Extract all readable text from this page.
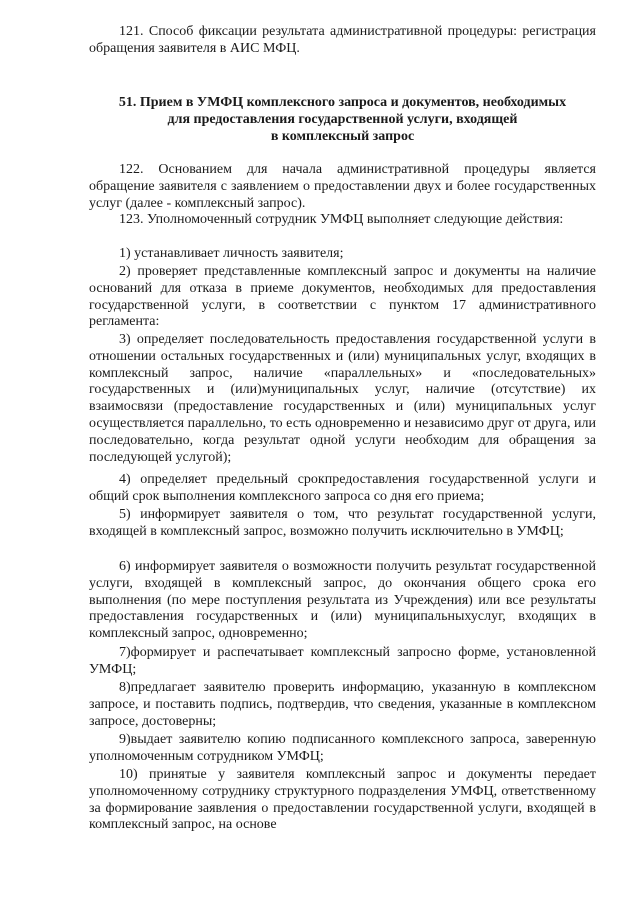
121. Способ фиксации результата административной процедуры: регистрация обращения заявителя в АИС МФЦ.

51. Прием в УМФЦ комплексного запроса и документов, необходимых
для предоставления государственной услуги, входящей
в комплексный запрос

122. Основанием для начала административной процедуры является обращение заявителя с заявлением о предоставлении двух и более государственных услуг (далее - комплексный запрос).

123. Уполномоченный сотрудник УМФЦ выполняет следующие действия:

1) устанавливает личность заявителя;

2) проверяет представленные комплексный запрос и документы на наличие оснований для отказа в приеме документов, необходимых для предоставления государственной услуги, в соответствии с пунктом 17 административного регламента:

3) определяет последовательность предоставления государственной услуги в отношении остальных государственных и (или) муниципальных услуг, входящих в комплексный запрос, наличие «параллельных» и «последовательных» государственных и (или)муниципальных услуг, наличие (отсутствие) их взаимосвязи (предоставление государственных и (или) муниципальных услуг осуществляется параллельно, то есть одновременно и независимо друг от друга, или последовательно, когда результат одной услуги необходим для обращения за последующей услугой);

4) определяет предельный срокпредоставления государственной услуги и общий срок выполнения комплексного запроса со дня его приема;

5) информирует заявителя о том, что результат государственной услуги, входящей в комплексный запрос, возможно получить исключительно в УМФЦ;

6) информирует заявителя о возможности получить результат государственной услуги, входящей в комплексный запрос, до окончания общего срока его выполнения (по мере поступления результата из Учреждения) или все результаты предоставления государственных и (или) муниципальныхуслуг, входящих в комплексный запрос, одновременно;

7)формирует и распечатывает комплексный запросно форме, установленной УМФЦ;

8)предлагает заявителю проверить информацию, указанную в комплексном запросе, и поставить подпись, подтвердив, что сведения, указанные в комплексном запросе, достоверны;

9)выдает заявителю копию подписанного комплексного запроса, заверенную уполномоченным сотрудником УМФЦ;

10) принятые у заявителя комплексный запрос и документы передает уполномоченному сотруднику структурного подразделения УМФЦ, ответственному за формирование заявления о предоставлении государственной услуги, входящей в комплексный запрос, на основе
